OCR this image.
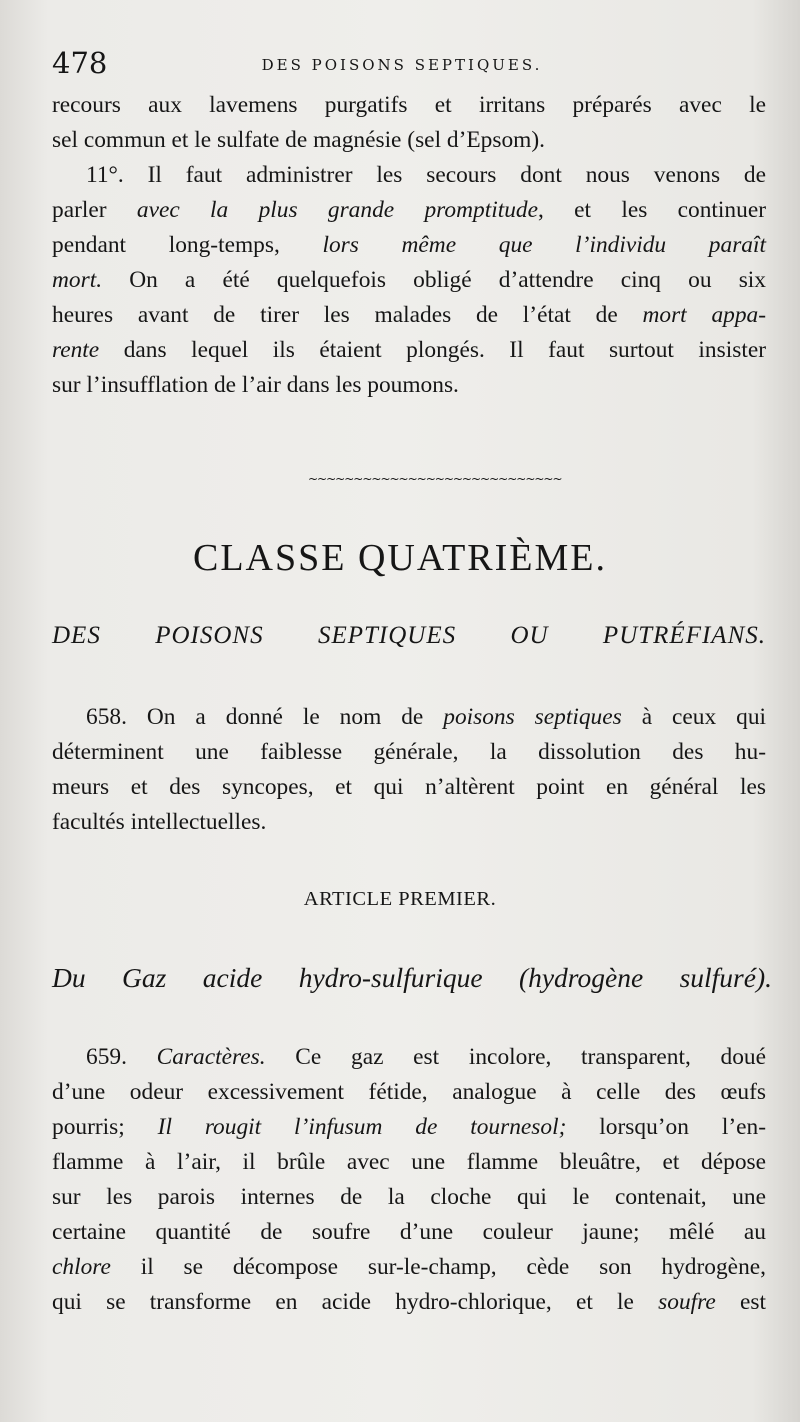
478	DES POISONS SEPTIQUES.
recours aux lavemens purgatifs et irritans préparés avec le
sel commun et le sulfate de magnésie (sel d’Epsom).
11°. Il faut administrer les secours dont nous venons de
parler avec la plus grande promptitude, et les continuer
pendant long-temps, lors même que l’individu paraît
mort. On a été quelquefois obligé d’attendre cinq ou six
heures avant de tirer les malades de l’état de mort appa-
rente dans lequel ils étaient plongés. Il faut surtout insister
sur l’insufflation de l’air dans les poumons.
~~~~~~~~~~~~~~~~~~~~~~~~~~~~
CLASSE QUATRIÈME.
DES POISONS SEPTIQUES OU PUTRÉFIANS.
658. On a donné le nom de poisons septiques à ceux qui
déterminent une faiblesse générale, la dissolution des hu-
meurs et des syncopes, et qui n’altèrent point en général les
facultés intellectuelles.
ARTICLE PREMIER.
Du Gaz acide hydro-sulfurique (hydrogène sulfuré).
659. Caractères. Ce gaz est incolore, transparent, doué
d’une odeur excessivement fétide, analogue à celle des œufs
pourris; Il rougit l’infusum de tournesol; lorsqu’on l’en-
flamme à l’air, il brûle avec une flamme bleuâtre, et dépose
sur les parois internes de la cloche qui le contenait, une
certaine quantité de soufre d’une couleur jaune; mêlé au
chlore il se décompose sur-le-champ, cède son hydrogène,
qui se transforme en acide hydro-chlorique, et le soufre est
